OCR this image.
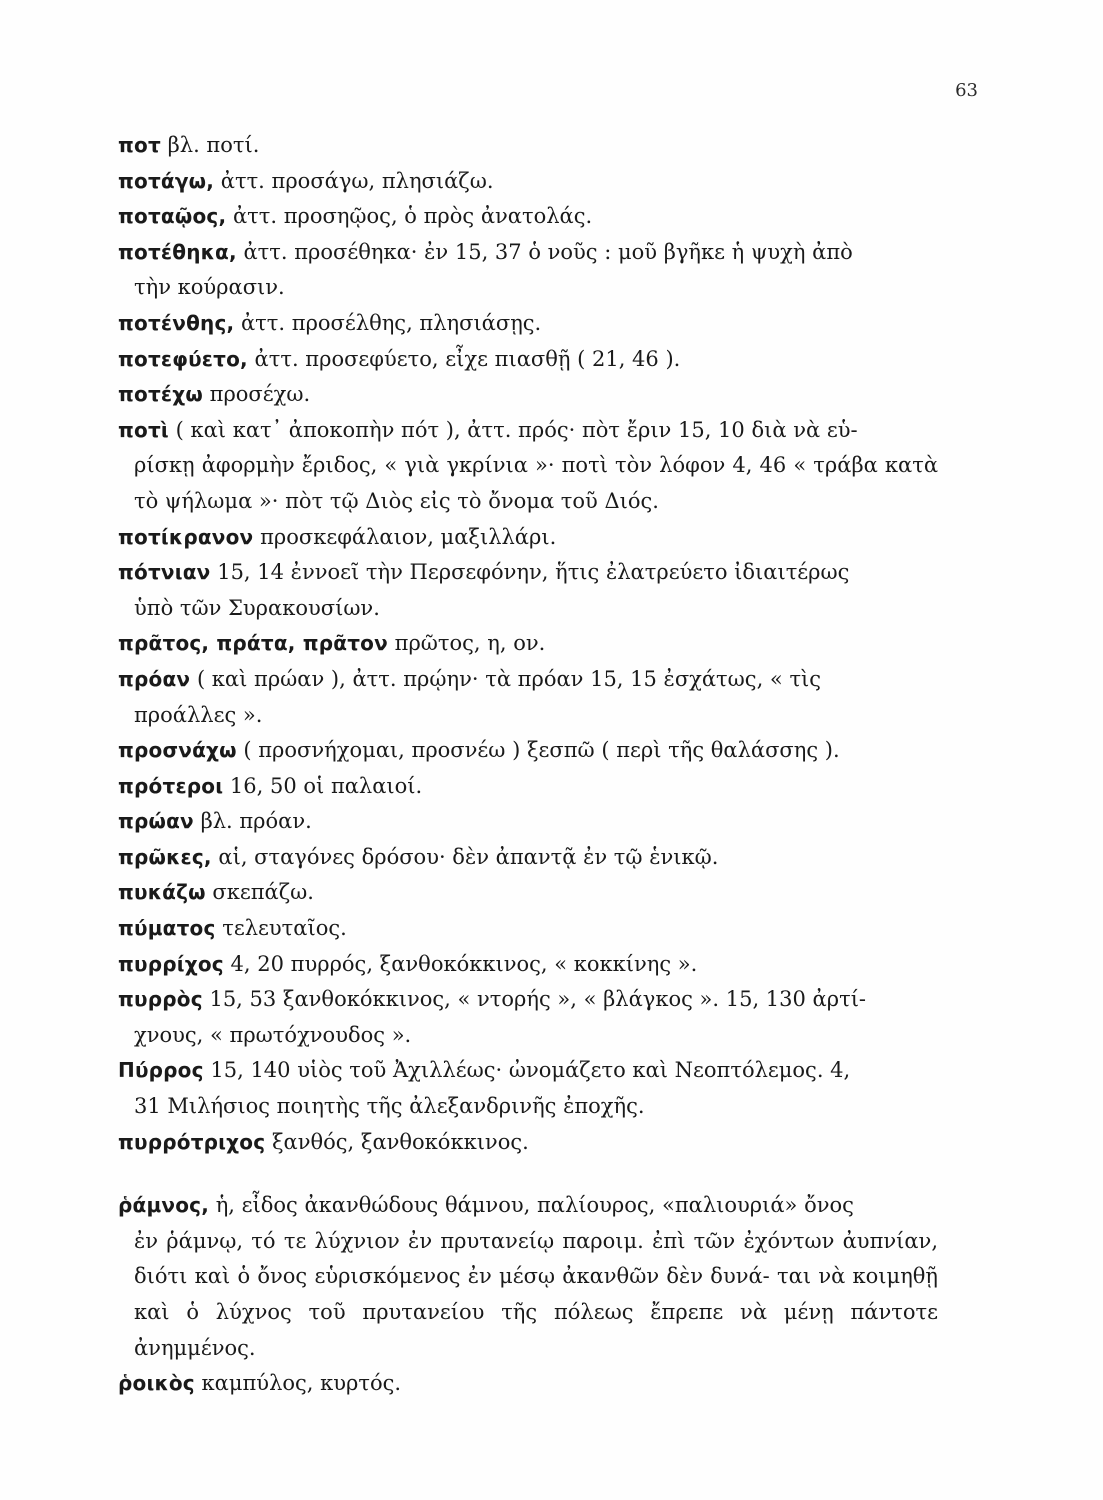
63

ποτ βλ. ποτί.

ποτάγω, ἀττ. προσάγω, πλησιάζω.

ποταῷος, ἀττ. προσηῷος, ὁ πρὸς ἀνατολάς.

ποτέθηκα, ἀττ. προσέθηκα· ἐν 15, 37 ὁ νοῦς : μοῦ βγῆκε ἡ ψυχὴ ἀπὸ
τὴν κούρασιν.

ποτένθης, ἀττ. προσέλθης, πλησιάσῃς.

ποτεφύετο, ἀττ. προσεφύετο, εἶχε πιασθῇ ( 21, 46 ).

ποτέχω προσέχω.

ποτὶ ( καὶ κατ᾽ ἀποκοπὴν πότ ), ἀττ. πρός· πὸτ ἔριν 15, 10 διὰ νὰ εὑ-
ρίσκῃ ἀφορμὴν ἔριδος, « γιὰ γκρίνια »· ποτὶ τὸν λόφον 4, 46 « τράβα κατὰ τὸ ψήλωμα »· πὸτ τῷ Διὸς εἰς τὸ ὄνομα τοῦ Διός.

ποτίκρανον προσκεφάλαιον, μαξιλλάρι.

πότνιαν 15, 14 ἐννοεῖ τὴν Περσεφόνην, ἥτις ἐλατρεύετο ἰδιαιτέρως
ὑπὸ τῶν Συρακουσίων.

πρᾶτος, πράτα, πρᾶτον πρῶτος, η, ον.

πρόαν ( καὶ πρώαν ), ἀττ. πρῴην· τὰ πρόαν 15, 15 ἐσχάτως, « τὶς
προάλλες ».

προσνάχω ( προσνήχομαι, προσνέω ) ξεσπῶ ( περὶ τῆς θαλάσσης ).

πρότεροι 16, 50 οἱ παλαιοί.

πρώαν βλ. πρόαν.

πρῶκες, αἱ, σταγόνες δρόσου· δὲν ἀπαντᾷ ἐν τῷ ἑνικῷ.

πυκάζω σκεπάζω.

πύματος τελευταῖος.

πυρρίχος 4, 20 πυρρός, ξανθοκόκκινος, « κοκκίνης ».

πυρρὸς 15, 53 ξανθοκόκκινος, « ντορής », « βλάγκος ». 15, 130 ἀρτί-
χνους, « πρωτόχνουδος ».

Πύρρος 15, 140 υἱὸς τοῦ Ἀχιλλέως· ὠνομάζετο καὶ Νεοπτόλεμος. 4,
31 Μιλήσιος ποιητὴς τῆς ἀλεξανδρινῆς ἐποχῆς.

πυρρότριχος ξανθός, ξανθοκόκκινος.

ῥάμνος, ἡ, εἶδος ἀκανθώδους θάμνου, παλίουρος, «παλιουριά» ὄνος
ἐν ῥάμνῳ, τό τε λύχνιον ἐν πρυτανείῳ παροιμ. ἐπὶ τῶν ἐχόντων ἀυπνίαν, διότι καὶ ὁ ὄνος εὑρισκόμενος ἐν μέσῳ ἀκανθῶν δὲν δυνά- ται νὰ κοιμηθῇ καὶ ὁ λύχνος τοῦ πρυτανείου τῆς πόλεως ἔπρεπε νὰ μένῃ πάντοτε ἀνημμένος.

ῥοικὸς καμπύλος, κυρτός.
